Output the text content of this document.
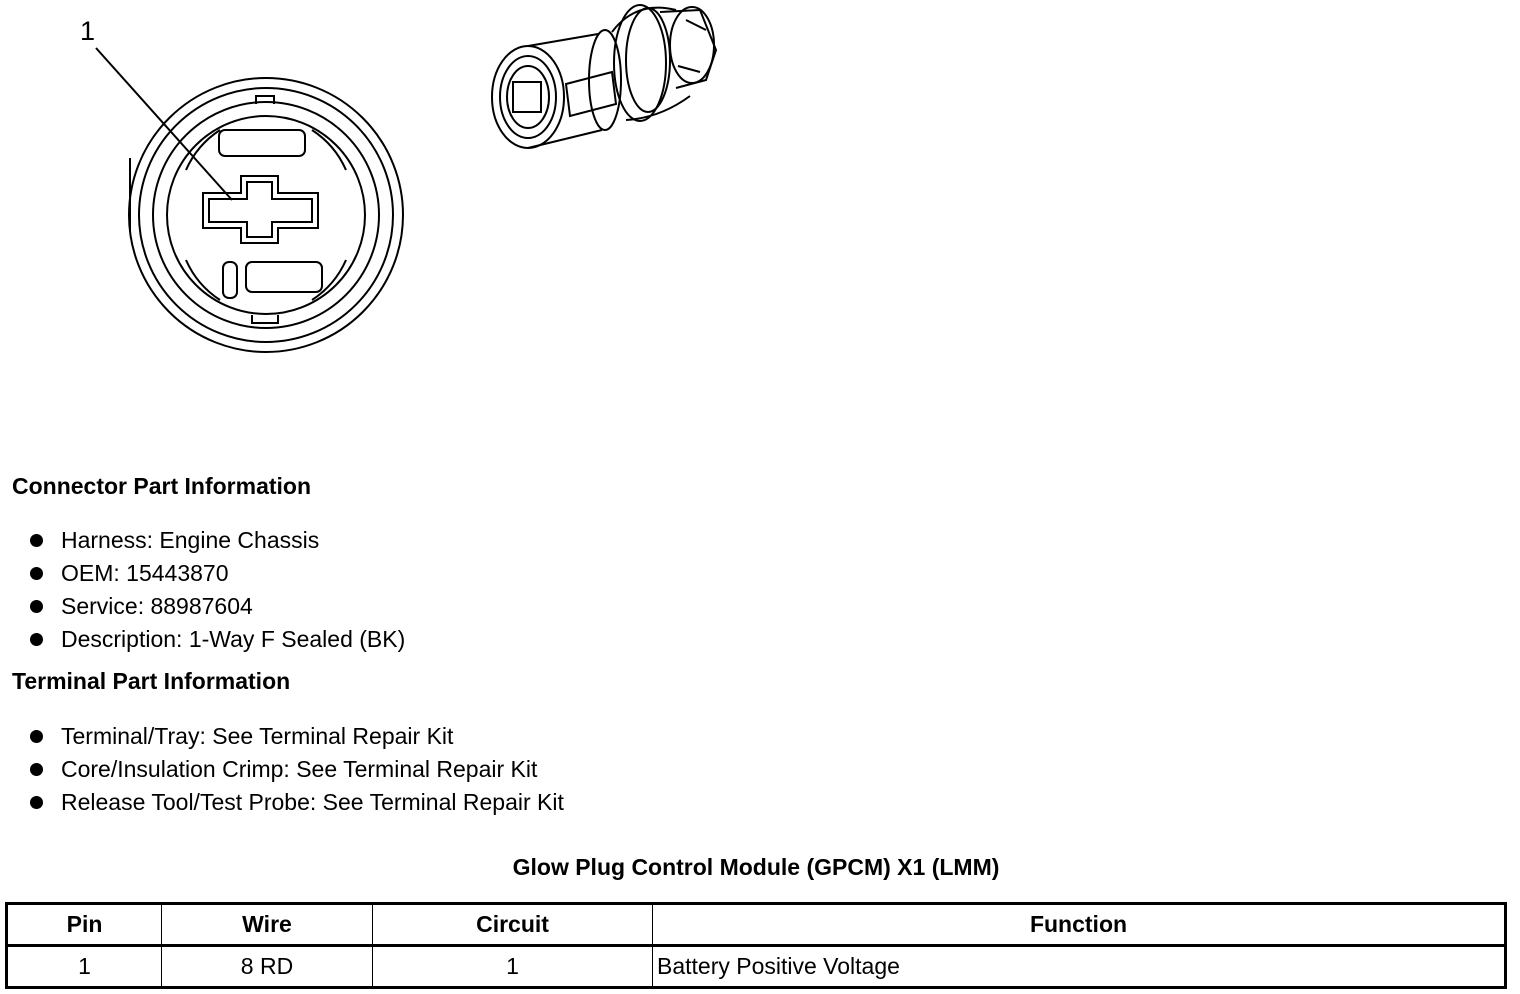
1
Connector Part Information
Harness: Engine Chassis
OEM: 15443870
Service: 88987604
Description: 1-Way F Sealed (BK)
Terminal Part Information
Terminal/Tray: See Terminal Repair Kit
Core/Insulation Crimp: See Terminal Repair Kit
Release Tool/Test Probe: See Terminal Repair Kit
Glow Plug Control Module (GPCM) X1 (LMM)
Pin	Wire	Circuit	Function
1	8 RD	1	Battery Positive Voltage
